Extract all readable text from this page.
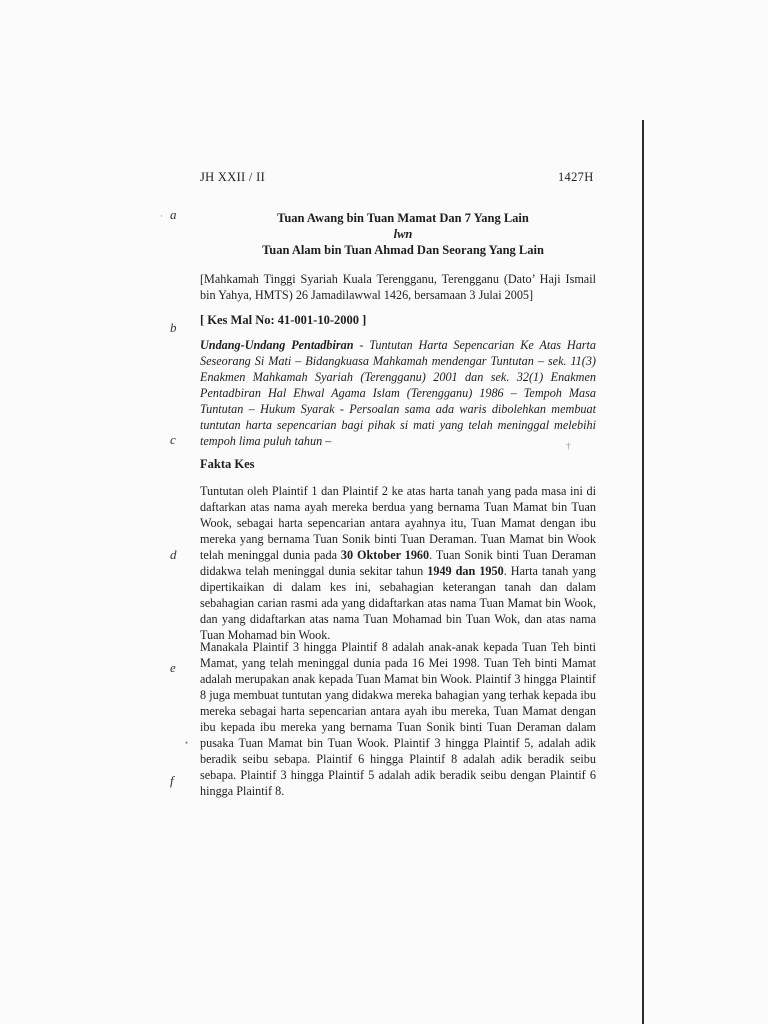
JH XXII / II	1427H
·
†
•
a
b
c
d
e
f
Tuan Awang bin Tuan Mamat Dan 7 Yang Lain
lwn
Tuan Alam bin Tuan Ahmad Dan Seorang Yang Lain
[Mahkamah Tinggi Syariah Kuala Terengganu, Terengganu (Dato’ Haji Ismail bin Yahya, HMTS) 26 Jamadilawwal 1426, bersamaan 3 Julai 2005]
[ Kes Mal No: 41-001-10-2000 ]
Undang-Undang Pentadbiran - Tuntutan Harta Sepencarian Ke Atas Harta Seseorang Si Mati – Bidangkuasa Mahkamah mendengar Tuntutan – sek. 11(3) Enakmen Mahkamah Syariah (Terengganu) 2001 dan sek. 32(1) Enakmen Pentadbiran Hal Ehwal Agama Islam (Terengganu) 1986 – Tempoh Masa Tuntutan – Hukum Syarak - Persoalan sama ada waris dibolehkan membuat tuntutan harta sepencarian bagi pihak si mati yang telah meninggal melebihi tempoh lima puluh tahun –
Fakta Kes
Tuntutan oleh Plaintif 1 dan Plaintif 2 ke atas harta tanah yang pada masa ini di daftarkan atas nama ayah mereka berdua yang bernama Tuan Mamat bin Tuan Wook, sebagai harta sepencarian antara ayahnya itu, Tuan Mamat dengan ibu mereka yang bernama Tuan Sonik binti Tuan Deraman. Tuan Mamat bin Wook telah meninggal dunia pada 30 Oktober 1960. Tuan Sonik binti Tuan Deraman didakwa telah meninggal dunia sekitar tahun 1949 dan 1950. Harta tanah yang dipertikaikan di dalam kes ini, sebahagian keterangan tanah dan dalam sebahagian carian rasmi ada yang didaftarkan atas nama Tuan Mamat bin Wook, dan yang didaftarkan atas nama Tuan Mohamad bin Tuan Wok, dan atas nama Tuan Mohamad bin Wook.
Manakala Plaintif 3 hingga Plaintif 8 adalah anak-anak kepada Tuan Teh binti Mamat, yang telah meninggal dunia pada 16 Mei 1998. Tuan Teh binti Mamat adalah merupakan anak kepada Tuan Mamat bin Wook. Plaintif 3 hingga Plaintif 8 juga membuat tuntutan yang didakwa mereka bahagian yang terhak kepada ibu mereka sebagai harta sepencarian antara ayah ibu mereka, Tuan Mamat dengan ibu kepada ibu mereka yang bernama Tuan Sonik binti Tuan Deraman dalam pusaka Tuan Mamat bin Tuan Wook. Plaintif 3 hingga Plaintif 5, adalah adik beradik seibu sebapa. Plaintif 6 hingga Plaintif 8 adalah adik beradik seibu sebapa. Plaintif 3 hingga Plaintif 5 adalah adik beradik seibu dengan Plaintif 6 hingga Plaintif 8.
